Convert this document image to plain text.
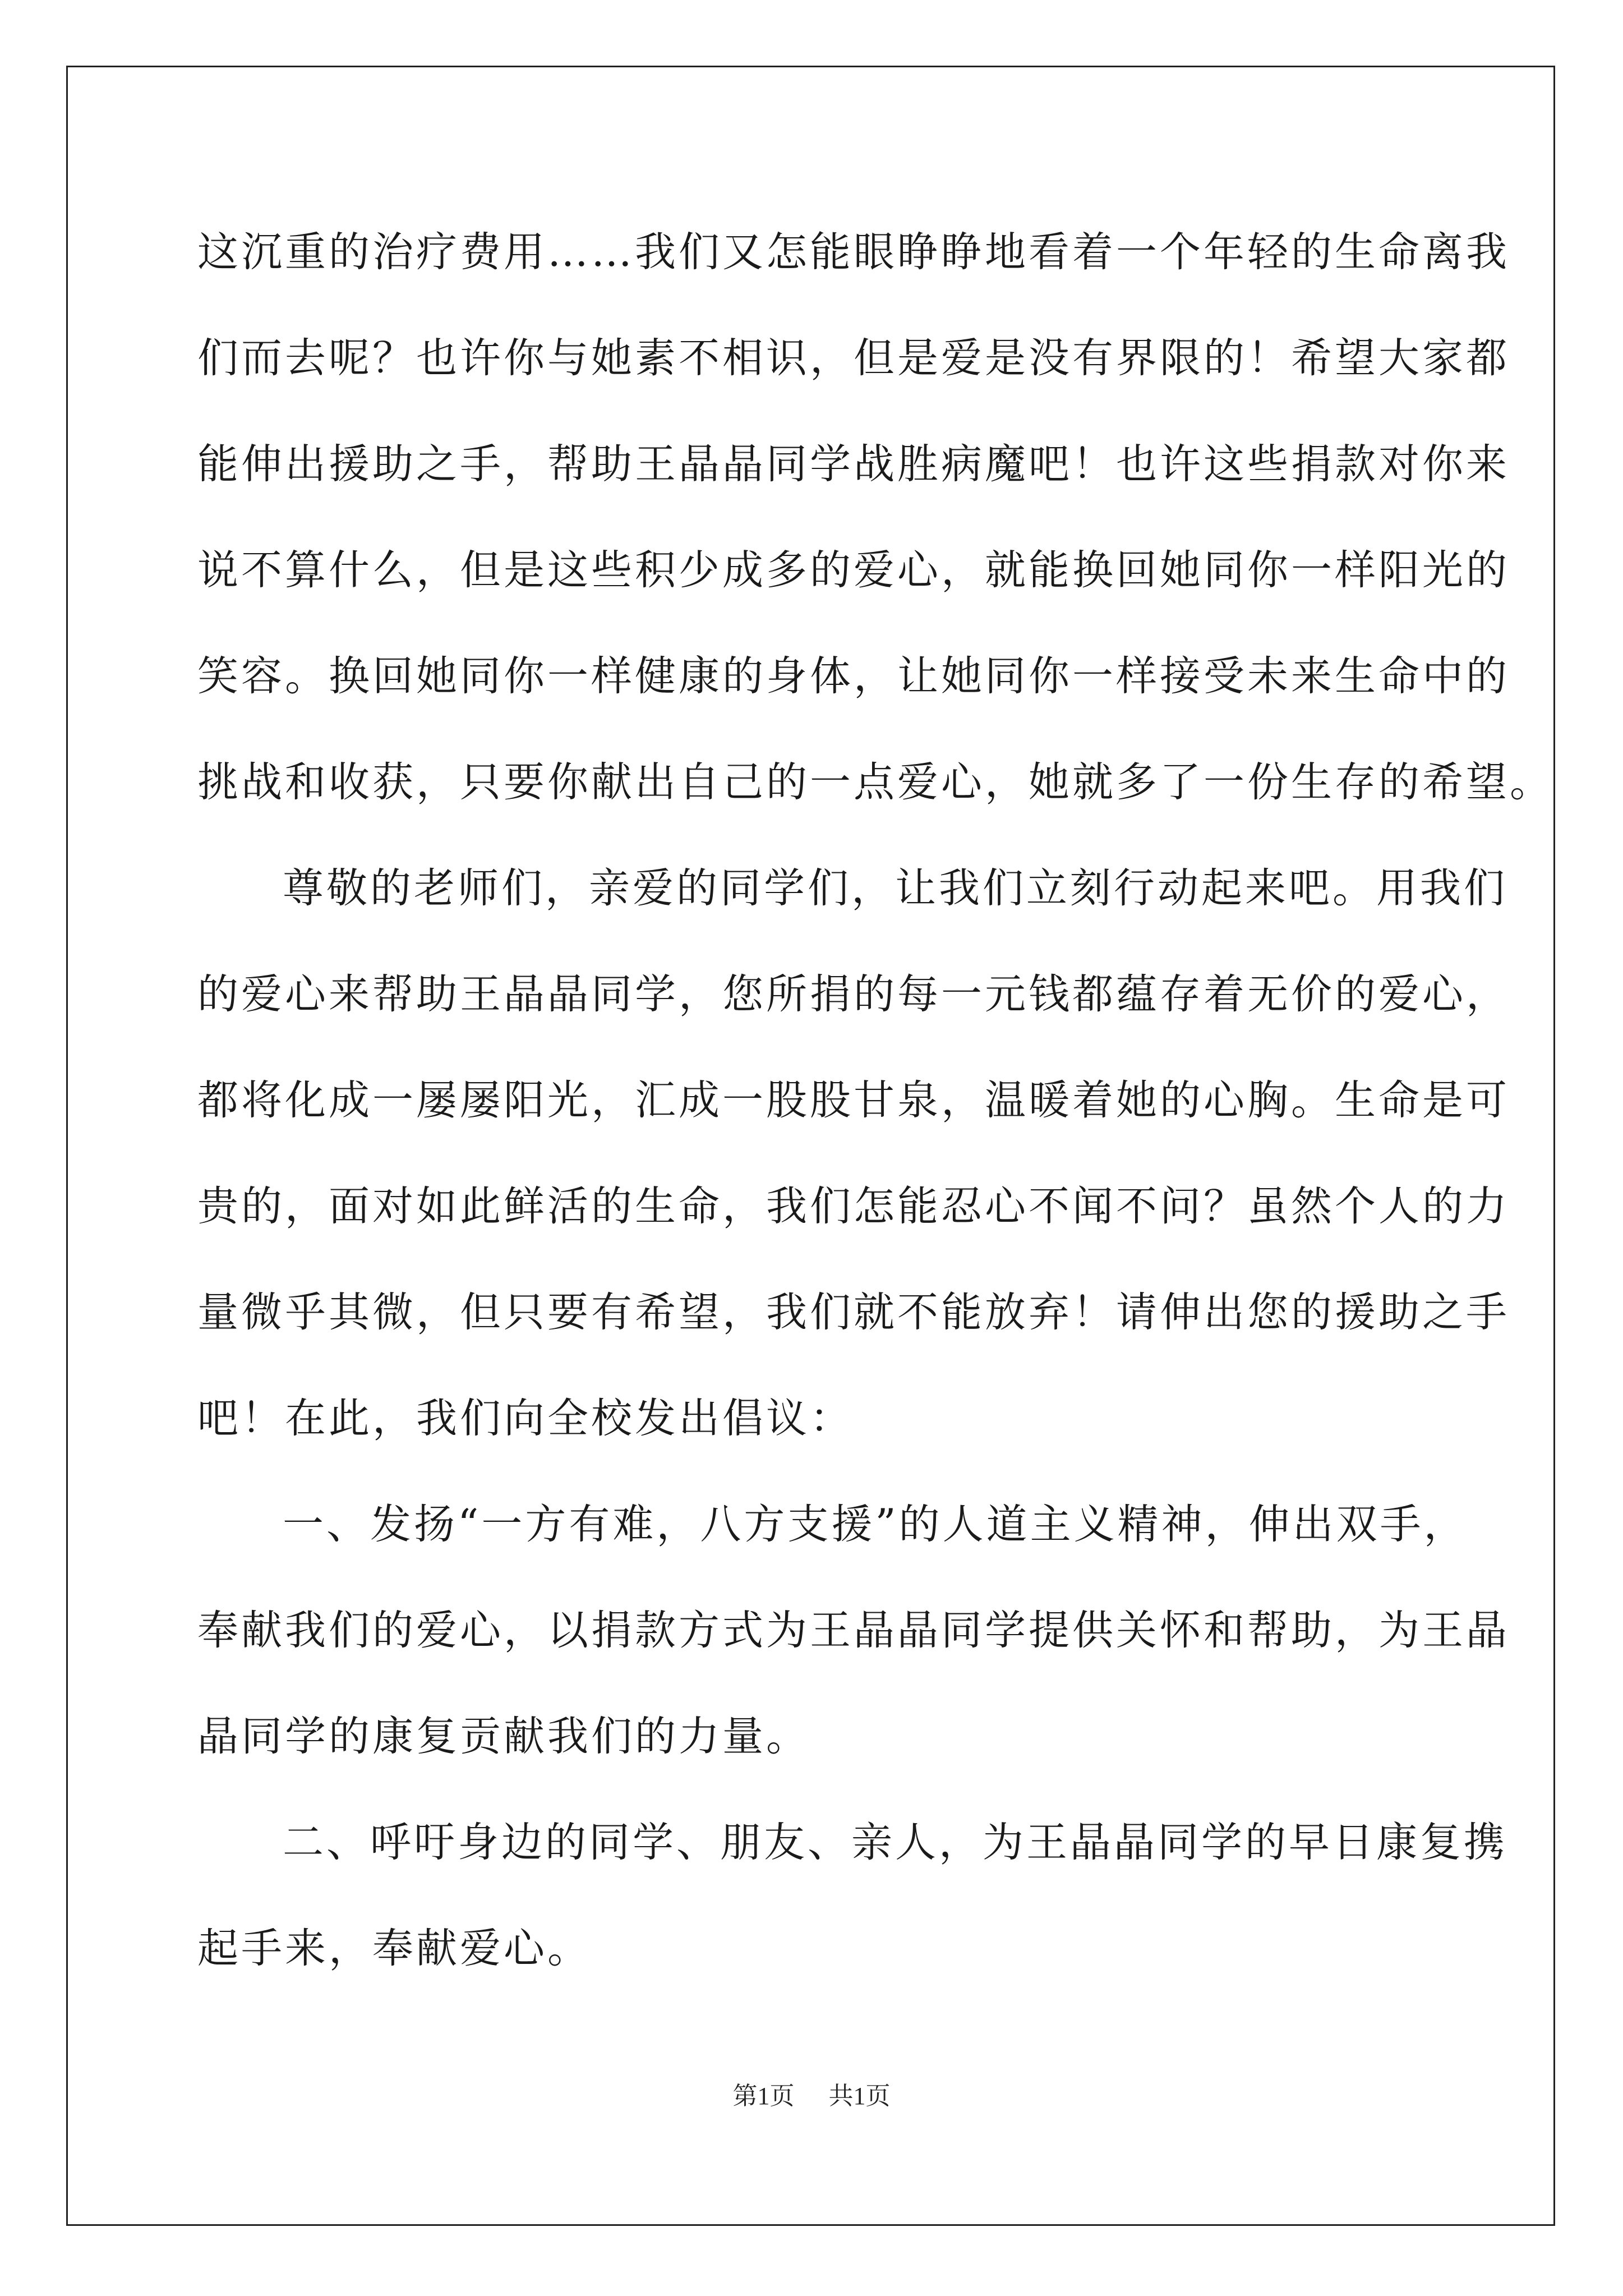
这沉重的治疗费用……我们又怎能眼睁睁地看着一个年轻的生命离我
们而去呢？也许你与她素不相识，但是爱是没有界限的！希望大家都
能伸出援助之手，帮助王晶晶同学战胜病魔吧！也许这些捐款对你来
说不算什么，但是这些积少成多的爱心，就能换回她同你一样阳光的
笑容。换回她同你一样健康的身体，让她同你一样接受未来生命中的
挑战和收获，只要你献出自己的一点爱心，她就多了一份生存的希望。
尊敬的老师们，亲爱的同学们，让我们立刻行动起来吧。用我们
的爱心来帮助王晶晶同学，您所捐的每一元钱都蕴存着无价的爱心，
都将化成一屡屡阳光，汇成一股股甘泉，温暖着她的心胸。生命是可
贵的，面对如此鲜活的生命，我们怎能忍心不闻不问？虽然个人的力
量微乎其微，但只要有希望，我们就不能放弃！请伸出您的援助之手
吧！在此，我们向全校发出倡议：
一、发扬“一方有难，八方支援”的人道主义精神，伸出双手，
奉献我们的爱心，以捐款方式为王晶晶同学提供关怀和帮助，为王晶
晶同学的康复贡献我们的力量。
二、呼吁身边的同学、朋友、亲人，为王晶晶同学的早日康复携
起手来，奉献爱心。
第1页 共1页
